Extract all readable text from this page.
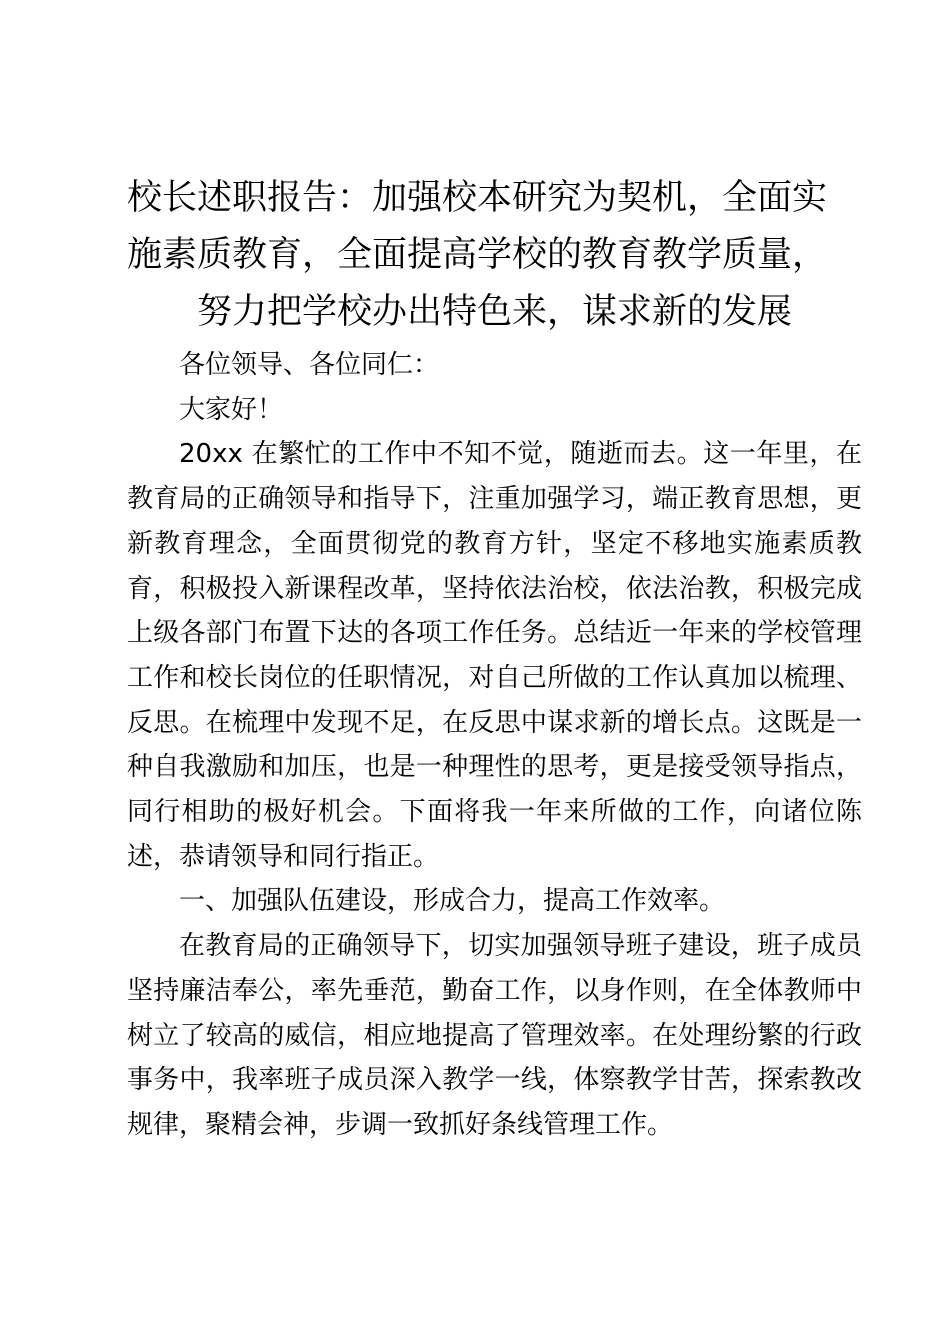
校长述职报告：加强校本研究为契机，全面实
施素质教育，全面提高学校的教育教学质量，
努力把学校办出特色来，谋求新的发展

各位领导、各位同仁：

大家好！

20xx 在繁忙的工作中不知不觉，随逝而去。这一年里，在教育局的正确领导和指导下，注重加强学习，端正教育思想，更新教育理念，全面贯彻党的教育方针，坚定不移地实施素质教育，积极投入新课程改革，坚持依法治校，依法治教，积极完成上级各部门布置下达的各项工作任务。总结近一年来的学校管理工作和校长岗位的任职情况，对自己所做的工作认真加以梳理、反思。在梳理中发现不足，在反思中谋求新的增长点。这既是一种自我激励和加压，也是一种理性的思考，更是接受领导指点，同行相助的极好机会。下面将我一年来所做的工作，向诸位陈述，恭请领导和同行指正。

一、加强队伍建设，形成合力，提高工作效率。

在教育局的正确领导下，切实加强领导班子建设，班子成员坚持廉洁奉公，率先垂范，勤奋工作，以身作则，在全体教师中树立了较高的威信，相应地提高了管理效率。在处理纷繁的行政事务中，我率班子成员深入教学一线，体察教学甘苦，探索教改规律，聚精会神，步调一致抓好条线管理工作。
